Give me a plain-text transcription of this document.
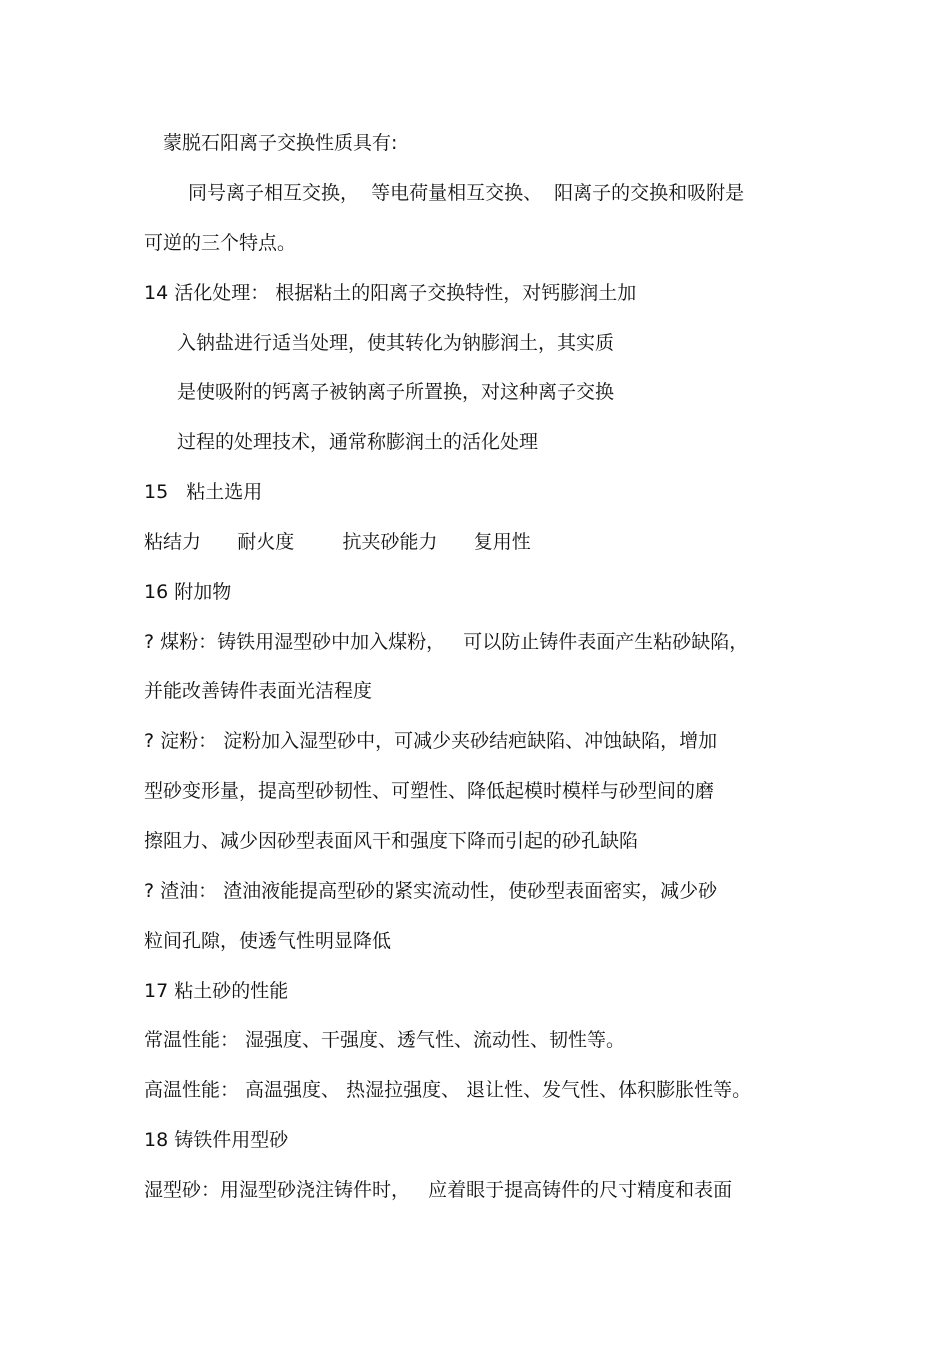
蒙脱石阳离子交换性质具有:
同号离子相互交换，  等电荷量相互交换、  阳离子的交换和吸附是
可逆的三个特点。
14 活化处理： 根据粘土的阳离子交换特性，对钙膨润土加
入钠盐进行适当处理，使其转化为钠膨润土，其实质
是使吸附的钙离子被钠离子所置换，对这种离子交换
过程的处理技术，通常称膨润土的活化处理
15   粘土选用
粘结力      耐火度        抗夹砂能力      复用性
16 附加物
? 煤粉：铸铁用湿型砂中加入煤粉，   可以防止铸件表面产生粘砂缺陷，
并能改善铸件表面光洁程度
? 淀粉： 淀粉加入湿型砂中，可减少夹砂结疤缺陷、冲蚀缺陷，增加
型砂变形量，提高型砂韧性、可塑性、降低起模时模样与砂型间的磨
擦阻力、减少因砂型表面风干和强度下降而引起的砂孔缺陷
? 渣油： 渣油液能提高型砂的紧实流动性，使砂型表面密实，减少砂
粒间孔隙，使透气性明显降低
17 粘土砂的性能
常温性能： 湿强度、干强度、透气性、流动性、韧性等。
高温性能： 高温强度、 热湿拉强度、 退让性、发气性、体积膨胀性等。
18 铸铁件用型砂
湿型砂：用湿型砂浇注铸件时，   应着眼于提高铸件的尺寸精度和表面
